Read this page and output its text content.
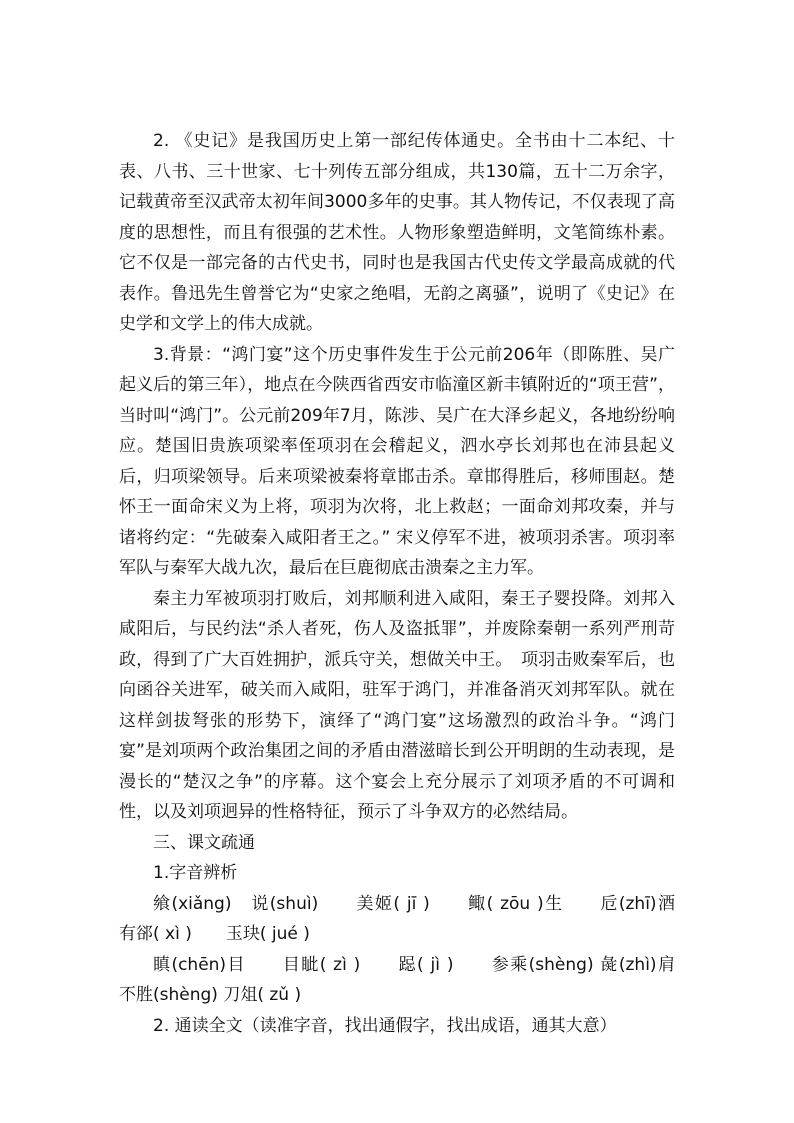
2. 《史记》是我国历史上第一部纪传体通史。全书由十二本纪、十表、八书、三十世家、七十列传五部分组成，共130篇，五十二万余字，记载黄帝至汉武帝太初年间3000多年的史事。其人物传记，不仅表现了高度的思想性，而且有很强的艺术性。人物形象塑造鲜明，文笔简练朴素。它不仅是一部完备的古代史书，同时也是我国古代史传文学最高成就的代表作。鲁迅先生曾誉它为“史家之绝唱，无韵之离骚”，说明了《史记》在史学和文学上的伟大成就。

3.背景：“鸿门宴”这个历史事件发生于公元前206年（即陈胜、吴广起义后的第三年），地点在今陕西省西安市临潼区新丰镇附近的“项王营”，当时叫“鸿门”。公元前209年7月，陈涉、吴广在大泽乡起义，各地纷纷响应。楚国旧贵族项梁率侄项羽在会稽起义，泗水亭长刘邦也在沛县起义后，归项梁领导。后来项梁被秦将章邯击杀。章邯得胜后，移师围赵。楚怀王一面命宋义为上将，项羽为次将，北上救赵；一面命刘邦攻秦，并与诸将约定：“先破秦入咸阳者王之。” 宋义停军不进，被项羽杀害。项羽率军队与秦军大战九次，最后在巨鹿彻底击溃秦之主力军。

秦主力军被项羽打败后，刘邦顺利进入咸阳，秦王子婴投降。刘邦入咸阳后，与民约法“杀人者死，伤人及盗抵罪”，并废除秦朝一系列严刑苛政，得到了广大百姓拥护，派兵守关，想做关中王。　项羽击败秦军后，也向函谷关进军，破关而入咸阳，驻军于鸿门，并准备消灭刘邦军队。就在这样剑拔弩张的形势下，演绎了“鸿门宴”这场激烈的政治斗争。“鸿门宴”是刘项两个政治集团之间的矛盾由潜滋暗长到公开明朗的生动表现，是漫长的“楚汉之争”的序幕。这个宴会上充分展示了刘项矛盾的不可调和性，以及刘项迥异的性格特征，预示了斗争双方的必然结局。

三、课文疏通

1.字音辨析

飨(xiǎng)　说(shuì)　　美姬( jī )　　鲰( zōu )生　　卮(zhī)酒　　有郤( xì )　　玉玦( jué )

瞋(chēn)目　　目眦( zì )　　跽( jì )　　参乘(shèng) 彘(zhì)肩　　不胜(shèng) 刀俎( zǔ )

2. 通读全文（读准字音，找出通假字，找出成语，通其大意）
